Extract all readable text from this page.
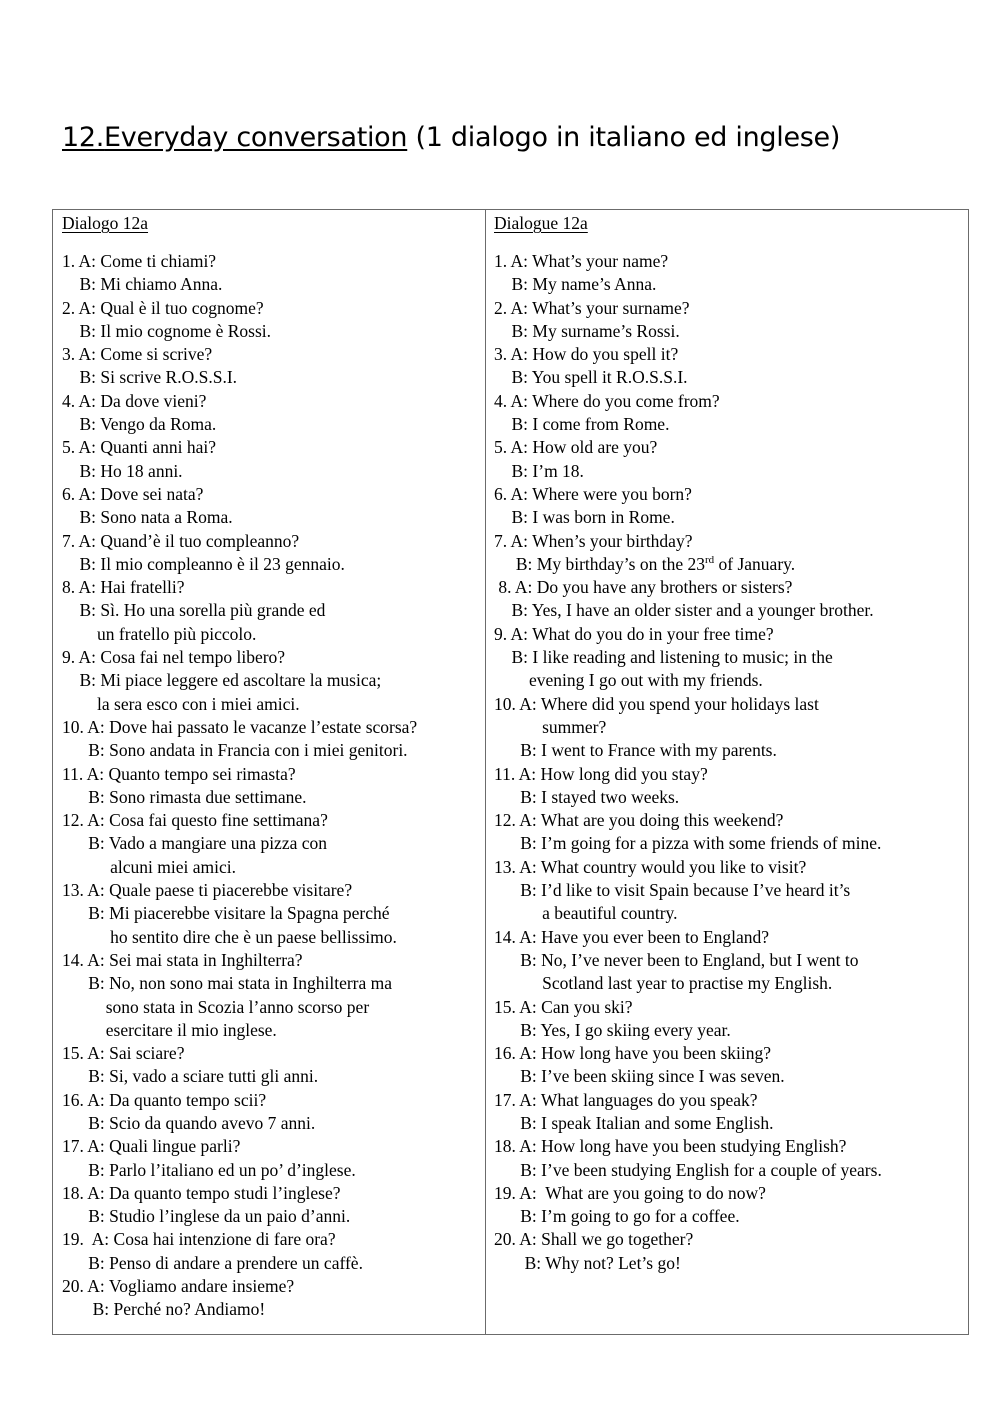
12.Everyday conversation (1 dialogo in italiano ed inglese)
Dialogo 12a
1. A: Come ti chiami?
B: Mi chiamo Anna.
2. A: Qual è il tuo cognome?
B: Il mio cognome è Rossi.
3. A: Come si scrive?
B: Si scrive R.O.S.S.I.
4. A: Da dove vieni?
B: Vengo da Roma.
5. A: Quanti anni hai?
B: Ho 18 anni.
6. A: Dove sei nata?
B: Sono nata a Roma.
7. A: Quand’è il tuo compleanno?
B: Il mio compleanno è il 23 gennaio.
8. A: Hai fratelli?
B: Sì. Ho una sorella più grande ed
un fratello più piccolo.
9. A: Cosa fai nel tempo libero?
B: Mi piace leggere ed ascoltare la musica;
la sera esco con i miei amici.
10. A: Dove hai passato le vacanze l’estate scorsa?
B: Sono andata in Francia con i miei genitori.
11. A: Quanto tempo sei rimasta?
B: Sono rimasta due settimane.
12. A: Cosa fai questo fine settimana?
B: Vado a mangiare una pizza con
alcuni miei amici.
13. A: Quale paese ti piacerebbe visitare?
B: Mi piacerebbe visitare la Spagna perché
ho sentito dire che è un paese bellissimo.
14. A: Sei mai stata in Inghilterra?
B: No, non sono mai stata in Inghilterra ma
sono stata in Scozia l’anno scorso per
esercitare il mio inglese.
15. A: Sai sciare?
B: Si, vado a sciare tutti gli anni.
16. A: Da quanto tempo scii?
B: Scio da quando avevo 7 anni.
17. A: Quali lingue parli?
B: Parlo l’italiano ed un po’ d’inglese.
18. A: Da quanto tempo studi l’inglese?
B: Studio l’inglese da un paio d’anni.
19.  A: Cosa hai intenzione di fare ora?
B: Penso di andare a prendere un caffè.
20. A: Vogliamo andare insieme?
B: Perché no? Andiamo!
Dialogue 12a
1. A: What’s your name?
B: My name’s Anna.
2. A: What’s your surname?
B: My surname’s Rossi.
3. A: How do you spell it?
B: You spell it R.O.S.S.I.
4. A: Where do you come from?
B: I come from Rome.
5. A: How old are you?
B: I’m 18.
6. A: Where were you born?
B: I was born in Rome.
7. A: When’s your birthday?
B: My birthday’s on the 23rd of January.
8. A: Do you have any brothers or sisters?
B: Yes, I have an older sister and a younger brother.
9. A: What do you do in your free time?
B: I like reading and listening to music; in the
evening I go out with my friends.
10. A: Where did you spend your holidays last
summer?
B: I went to France with my parents.
11. A: How long did you stay?
B: I stayed two weeks.
12. A: What are you doing this weekend?
B: I’m going for a pizza with some friends of mine.
13. A: What country would you like to visit?
B: I’d like to visit Spain because I’ve heard it’s
a beautiful country.
14. A: Have you ever been to England?
B: No, I’ve never been to England, but I went to
Scotland last year to practise my English.
15. A: Can you ski?
B: Yes, I go skiing every year.
16. A: How long have you been skiing?
B: I’ve been skiing since I was seven.
17. A: What languages do you speak?
B: I speak Italian and some English.
18. A: How long have you been studying English?
B: I’ve been studying English for a couple of years.
19. A:  What are you going to do now?
B: I’m going to go for a coffee.
20. A: Shall we go together?
B: Why not? Let’s go!
